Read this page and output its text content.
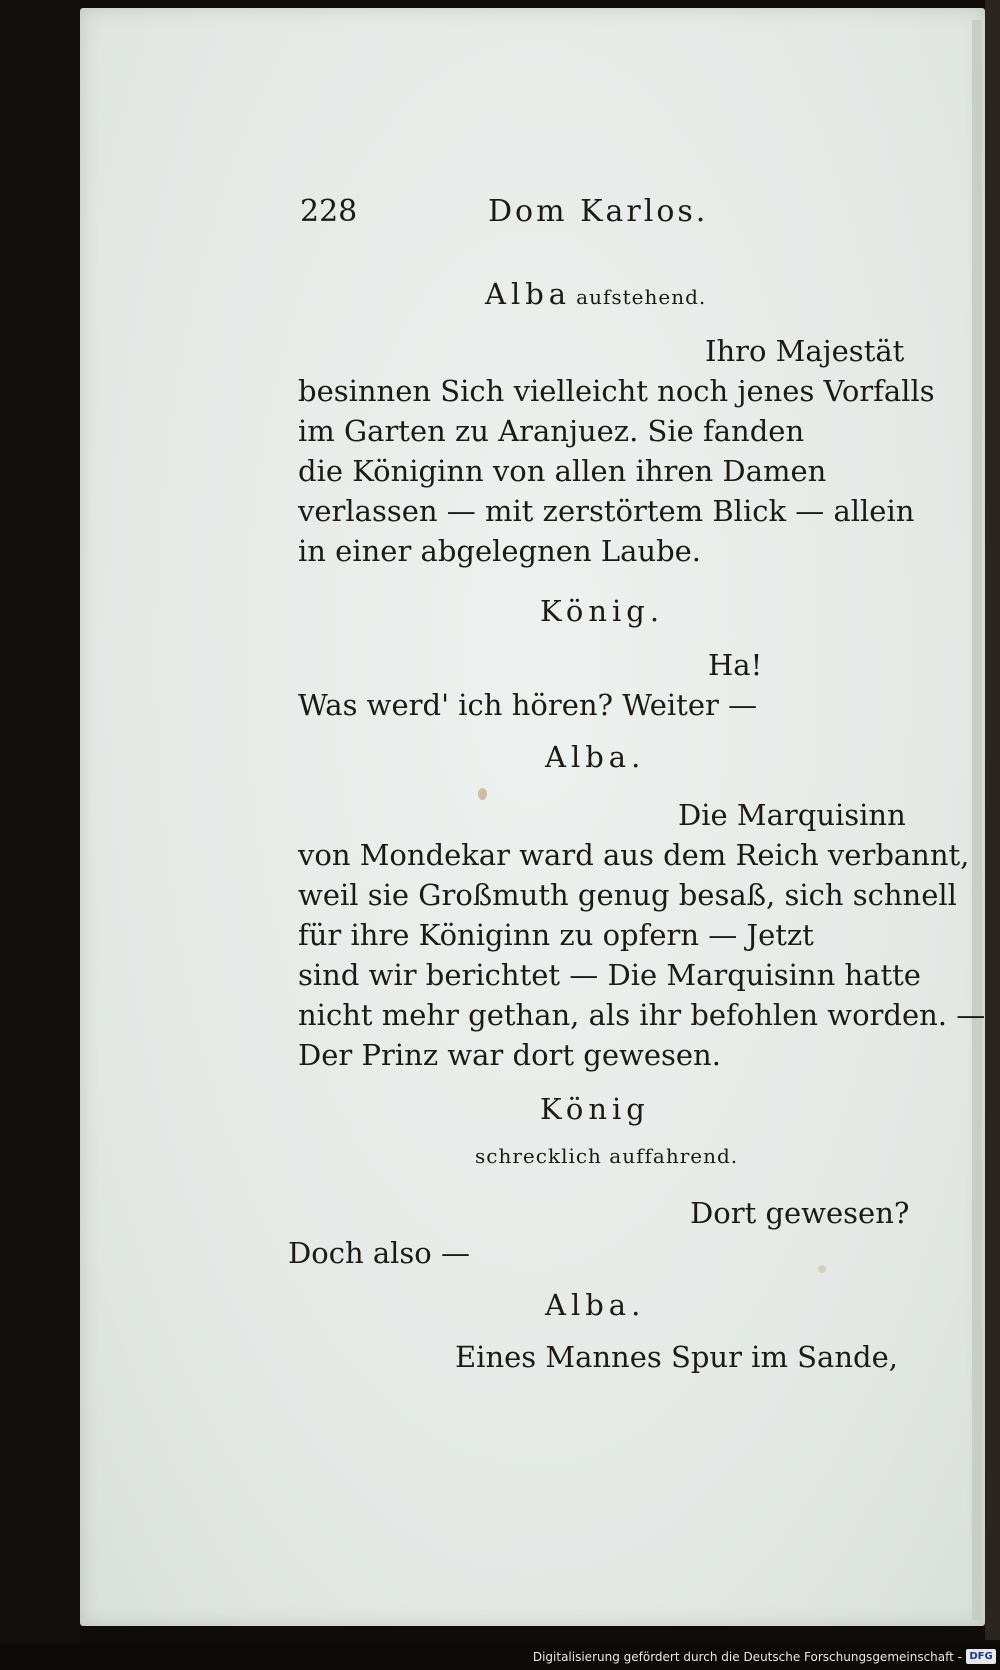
228	Dom Karlos.
Alba aufstehend.
Ihro Majestät
besinnen Sich vielleicht noch jenes Vorfalls
im Garten zu Aranjuez. Sie fanden
die Königinn von allen ihren Damen
verlassen — mit zerstörtem Blick — allein
in einer abgelegnen Laube.
König.
Ha!
Was werd' ich hören? Weiter —
Alba.
Die Marquisinn
von Mondekar ward aus dem Reich verbannt,
weil sie Großmuth genug besaß, sich schnell
für ihre Königinn zu opfern — Jetzt
sind wir berichtet — Die Marquisinn hatte
nicht mehr gethan, als ihr befohlen worden. —
Der Prinz war dort gewesen.
König
schrecklich auffahrend.
Dort gewesen?
Doch also —
Alba.
Eines Mannes Spur im Sande,
Digitalisierung gefördert durch die Deutsche Forschungsgemeinschaft - DFG
